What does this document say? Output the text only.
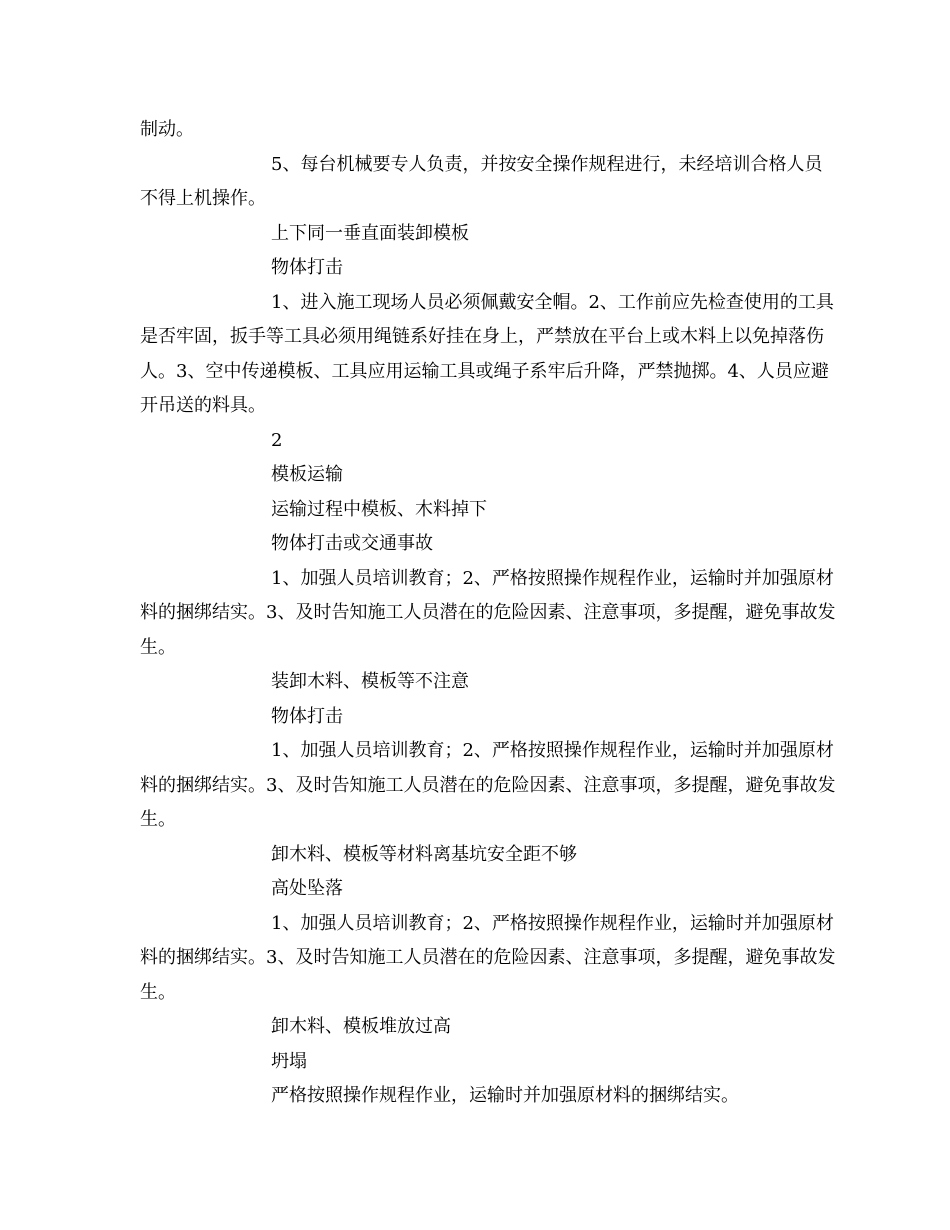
制动。

5、每台机械要专人负责，并按安全操作规程进行，未经培训合格人员不得上机操作。

上下同一垂直面装卸模板

物体打击

1、进入施工现场人员必须佩戴安全帽。2、工作前应先检查使用的工具是否牢固，扳手等工具必须用绳链系好挂在身上，严禁放在平台上或木料上以免掉落伤人。3、空中传递模板、工具应用运输工具或绳子系牢后升降，严禁抛掷。4、人员应避开吊送的料具。

2

模板运输

运输过程中模板、木料掉下

物体打击或交通事故

1、加强人员培训教育；2、严格按照操作规程作业，运输时并加强原材料的捆绑结实。3、及时告知施工人员潜在的危险因素、注意事项，多提醒，避免事故发生。

装卸木料、模板等不注意

物体打击

1、加强人员培训教育；2、严格按照操作规程作业，运输时并加强原材料的捆绑结实。3、及时告知施工人员潜在的危险因素、注意事项，多提醒，避免事故发生。

卸木料、模板等材料离基坑安全距不够

高处坠落

1、加强人员培训教育；2、严格按照操作规程作业，运输时并加强原材料的捆绑结实。3、及时告知施工人员潜在的危险因素、注意事项，多提醒，避免事故发生。

卸木料、模板堆放过高

坍塌

严格按照操作规程作业，运输时并加强原材料的捆绑结实。
